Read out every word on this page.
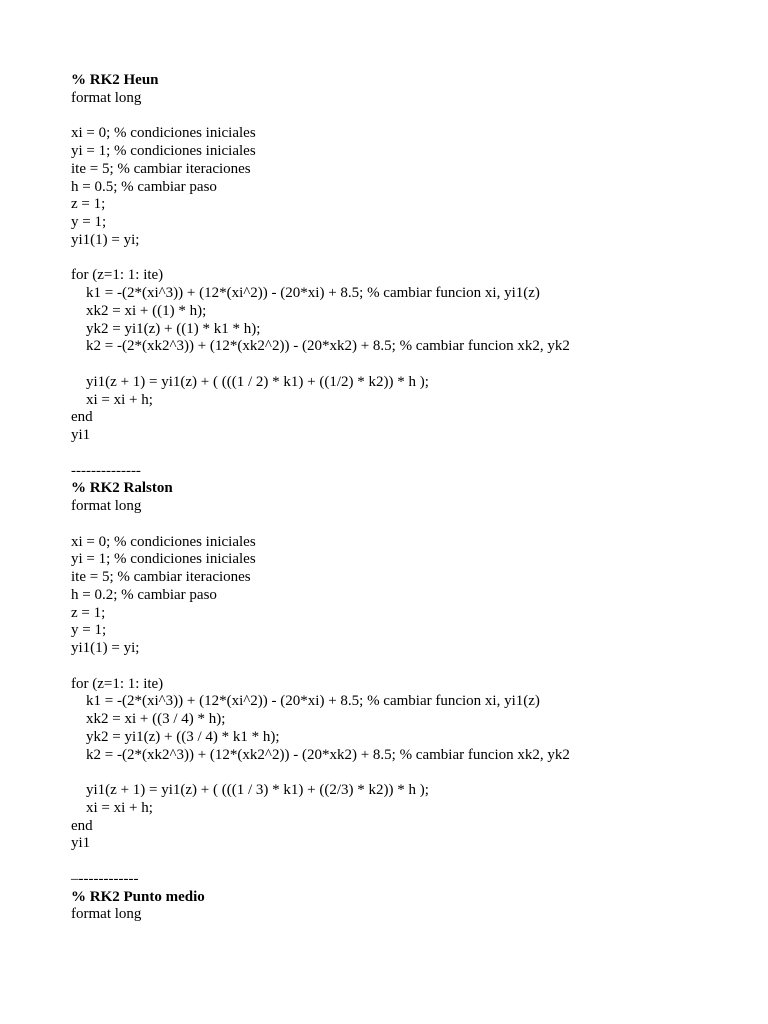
% RK2 Heun
format long
xi = 0; % condiciones iniciales
yi = 1; % condiciones iniciales
ite = 5; % cambiar iteraciones
h = 0.5; % cambiar paso
z = 1;
y = 1;
yi1(1) = yi;
for (z=1: 1: ite)
k1 = -(2*(xi^3)) + (12*(xi^2)) - (20*xi) + 8.5; % cambiar funcion xi, yi1(z)
xk2 = xi + ((1) * h);
yk2 = yi1(z) + ((1) * k1 * h);
k2 = -(2*(xk2^3)) + (12*(xk2^2)) - (20*xk2) + 8.5; % cambiar funcion xk2, yk2
yi1(z + 1) = yi1(z) + ( (((1 / 2) * k1) + ((1/2) * k2)) * h );
xi = xi + h;
end
yi1
--------------
% RK2 Ralston
format long
xi = 0; % condiciones iniciales
yi = 1; % condiciones iniciales
ite = 5; % cambiar iteraciones
h = 0.2; % cambiar paso
z = 1;
y = 1;
yi1(1) = yi;
for (z=1: 1: ite)
k1 = -(2*(xi^3)) + (12*(xi^2)) - (20*xi) + 8.5; % cambiar funcion xi, yi1(z)
xk2 = xi + ((3 / 4) * h);
yk2 = yi1(z) + ((3 / 4) * k1 * h);
k2 = -(2*(xk2^3)) + (12*(xk2^2)) - (20*xk2) + 8.5; % cambiar funcion xk2, yk2
yi1(z + 1) = yi1(z) + ( (((1 / 3) * k1) + ((2/3) * k2)) * h );
xi = xi + h;
end
yi1
–------------
% RK2 Punto medio
format long
